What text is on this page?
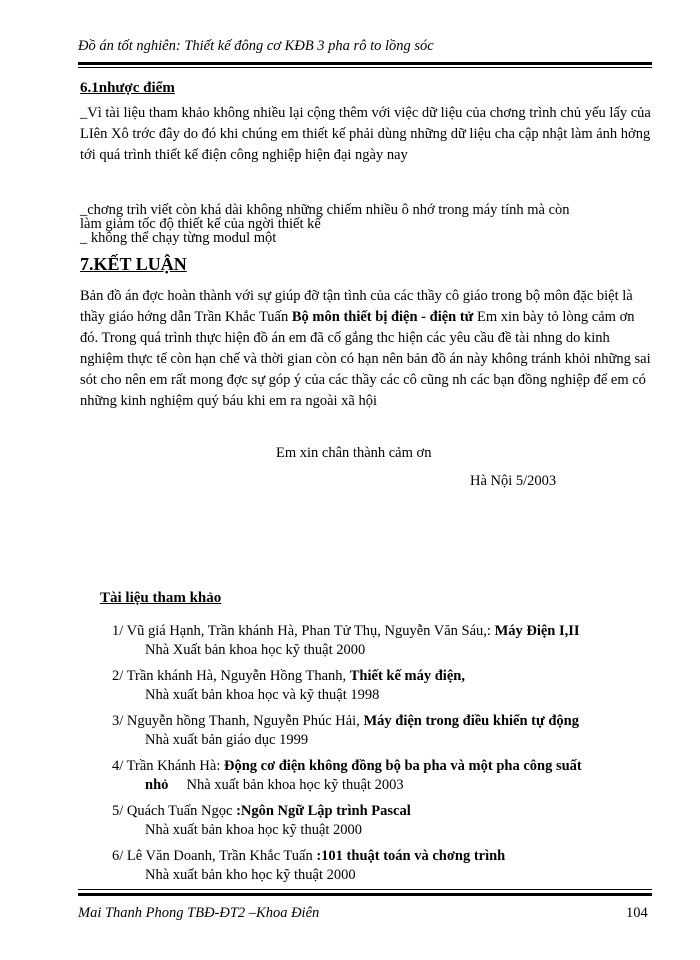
Đồ án tốt nghiên: Thiết kế đông cơ KĐB 3 pha rô to lồng sóc
6.1nhược điểm
_Vì tài liệu tham khảo không nhiều lại cộng thêm với việc dữ liệu của chơng trình chủ yếu lấy của LIên Xô trớc đây do đó khi chúng em thiết kế phải dùng những dữ liệu cha cập nhật làm ảnh hởng tới quá trình thiết kế điện công nghiệp hiện đại ngày nay
_chơng trìh viết còn khá dài không những chiếm nhiều ô nhớ trong máy tính mà còn
làm giảm tốc độ thiết kế của ngời thiết kế
_ không thể chạy từng modul một
7.KẾT LUẬN
Bản đồ án đợc hoàn thành với sự giúp đỡ tận tình của các thầy cô giáo trong bộ môn đặc biệt là thầy giáo hớng dẫn Trần Khắc Tuấn Bộ môn thiết bị điện - điện tử Em xin bày tỏ lòng cảm ơn đó. Trong quá trình thực hiện đồ án em đã cố gắng thc hiện các yêu cầu đề tài nhng do kinh nghiệm thực tế còn hạn chế và thời gian còn có hạn nên bản đồ án này không tránh khỏi những sai sót cho nên em rất mong đợc sự góp ý của các thầy các cô cũng nh các bạn đồng nghiệp để em có những kinh nghiệm quý báu khi em ra ngoài xã hội
Em xin chân thành cảm ơn
Hà Nội 5/2003
Tài liệu tham khảo
1/ Vũ giá Hạnh, Trần khánh Hà, Phan Tử Thụ, Nguyễn Văn Sáu,: Máy Điện I,II
Nhà Xuất bản khoa học kỹ thuật 2000
2/ Trần khánh Hà, Nguyễn Hồng Thanh, Thiết kế máy điện,
Nhà xuất bản khoa học và kỹ thuật 1998
3/ Nguyễn hồng Thanh, Nguyễn Phúc Hải, Máy điện trong điều khiển tự động
Nhà xuất bản giáo dục 1999
4/ Trần Khánh Hà: Động cơ điện không đồng bộ ba pha và một pha công suất
nhỏ Nhà xuất bản khoa học kỹ thuật 2003
5/ Quách Tuấn Ngọc :Ngôn Ngữ Lập trình Pascal
Nhà xuất bản khoa học kỹ thuật 2000
6/ Lê Văn Doanh, Trần Khắc Tuấn :101 thuật toán và chơng trình
Nhà xuất bản kho học kỹ thuật 2000
Mai Thanh Phong TBĐ-ĐT2 –Khoa Điên	104
